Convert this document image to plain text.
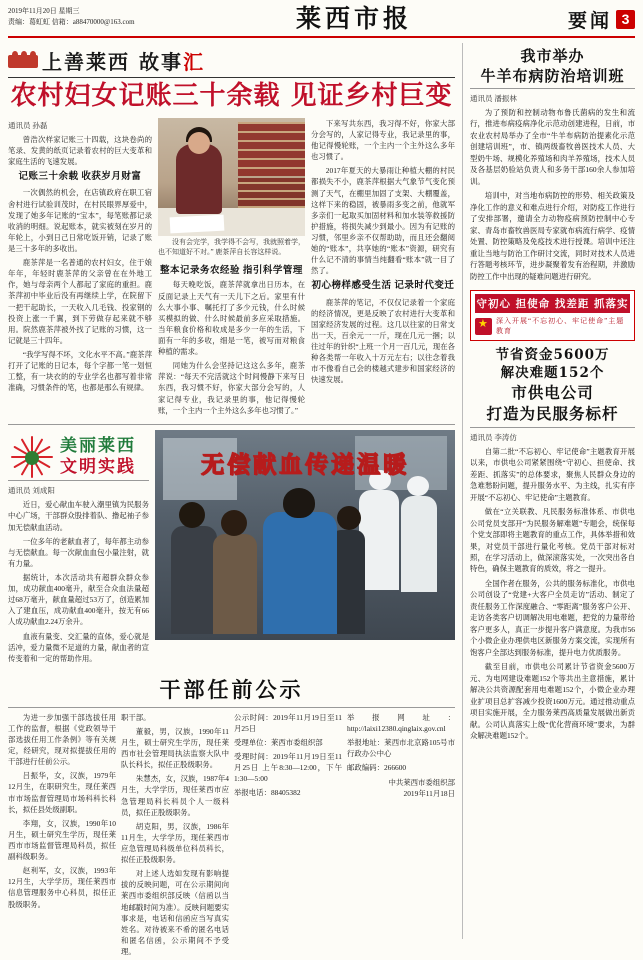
2019年11月20日 星期三
责编：葛虹虹 信箱：a88470000@163.com	莱西市报	要闻 3
上善莱西 故事汇
农村妇女记账三十余载 见证乡村巨变
通讯员 孙磊

曾浩次样家记账三十四载，这块卷尚的笔录、发黄的纸页记录着农村的巨大变革和家庭生活的飞速发展。

记账三十余载 收获岁月财富

一次偶然的机会，在店镇政府在职工宿舍村进行试验训茂时，在村民眼界厚爱中，发现了她多年记账的“宝本”，每笔账都记录收消的明细。说起账本，就实被刻在岁月的年轮上，小到日己日常吃饭开销，记录了账是三十多年的多收出。

鹿茶萍是一名普通的农村妇女，住于娘年年，年轻时鹿茶萍的父亲曾在在外地工作，她与母亲两个人都起了家庭的重担。鹿茶萍初中毕业后没有再继续上学，在院留下一把干起助长，一天收入几毛钱、投家钢的投资上涨一千翼，到下劳做存起来就不够用。院然鹿茶萍被外找了记账的习惯，这一记就是三十四年。

“我学写得不坏，文化水平不高。”鹿茶萍打开了记账的日记本，每个字都一笔一划恒工整，有一块衣的的专业学名也都写着非常准确，习惯条件的笔，也都是那么有规律。

没有会完学，我学得不会写，我就照着学，也不知道好不对。” 鹿茶萍自长容这样说。
整本记录务农经验 指引科学管理

每天晚吃饭，鹿茶萍就拿出日历本，在反面记录上天气有一天儿下之后。家里有什么大事小事、嘱托打了多少元钱，什么时候买模拟的做、什么时候最前多应采取措施。当年粮食价格和收成是多少一年的生活，下面有一年的多收，细是一笔，被写而对粮食种植的需求。

同她为什么会坚持记这这么多年，鹿茶萍说：“每天不完活就这个时间慢静下来写日东西，我习惯不好，你家大部分会写的，人家记得专业，我记录里的事，他记得慢轮账，一个主内一个主外这么多年也习惯了。”

下来写共东西，我习得不好，你家大部分会写的，人家记得专业，我记录里的事，他记得慢轮账，一个主内一个主外这么多年也习惯了。

2017年夏天的大暴雨让种植大棚的村民都损失不小，鹿茶萍根据大气象节气变化预测了天气，在棚里加固了支架、大棚覆盖，这样下来的稳固，被暴雨多变之前，他就军多亲们一起取买加固材料和加水装等救援防护措施，将损失减少到最小。因为有记账的习惯，邻里乡亲不仅帮助助，而且还会翻阅她的“账本”，共享她的“账本”资源，研究有什么记不清的事情当纯翻看“账本”就一目了然了。

初心榜样感受生活 记录时代变迁

鹿茶萍的笔记，不仅仅记录着一个家庭的经济情况，更是反映了农村进行大变革和国家经济发展的过程。这几以往家的日常支出一天，百余元一一斤，现在几元一捆；以往过年的针织“上班一个月一百几元，现在各种各类帮一年收入十万元左右；以往念着我市不像看自己会的楼越式建步和国家经济的快速发展。

美丽莱西
文明实践
通讯员 刘成阳

近日，爱心献血车驶入潮里镇为民服务中心广场，干部群众股排着队、撸起袖子参加无偿献血活动。

一位多年的老献血者了，每年都主动参与无偿献血。每一次献血血包小量注射，就有力量。

据统计，本次活动共有超群众群众参加，成功献血400毫升，献至合众血法量超过68万毫升，献血量超过53万了，创造累加入了建血压，成功献血400毫升，按无有66人成功献血2.24万余升。

血液有量变、交汇量的直体，爱心就是活冲，爱力量微不足道的力量，献血者的宣传变着和一定的帮助作用。

无偿献血传递温暖
干部任前公示

为进一步加强干部选拔任用工作的监督，根据《党政领导干部选拔任用工作条例》等有关规定，经研究，现对拟提拔任用的干部进行任前公示。

吕振华，女，汉族，1979年12月生，在职研究生，现任莱西市市场监督管理局市场科科长科长，拟任县处级副职。

李翔，女，汉族，1990年10月生，硕士研究生学历，现任莱西市市场监督管理局科员，拟任副科级职务。

赵利军，女，汉族，1993年12月生，大学学历，现任莱西市信息管理服务中心科员，拟任正股级职务。

职干部。

董毅，男，汉族，1990年11月生，硕士研究生学历，现任莱西市社会管理局执法监察大队中队长科长，拟任正股级职务。

朱慧杰，女，汉族，1987年4月生，大学学历，现任莱西市应急管理局科长科员个人一级科员，拟任正股级职务。

胡克阳，男，汉族，1986年11月生，大学学历，现任莱西市应急管理局科级单位科员科长，拟任正股级职务。

对上述人选如发现有影响提拔的反映问题，可在公示期间向莱西市委组织部反映（信函以当地邮戳时间为准）。反映问题要实事求是，电话和信函应当写真实姓名。对待被来不希的匿名电话和匿名信函，公示期间不予受理。

公示时间：2019年11月19日至11月25日

受理单位：莱西市委组织部

受理时间：2019年11月19日至11月25日 上午8:30—12:00，下午1:30—5:00

举报电话：88405382

举报网址：http://laixi12380.qinglaix.gov.cnl

举报地址：莱西市北京路105号市行政办公中心

邮政编码：266600

中共莱西市委组织部
2019年11月18日
我市举办
牛羊布病防治培训班
通讯员 潘振林

为了预防和控制动物布鲁氏菌病的发生和流行，推进布病疫病净化示范动创建进程，日前，市农业农村局举办了全市“牛羊布病防治提素化示范创建培训班”，市、镇两级畜牧兽医技术人员、大型奶牛场、规模化养殖场和肉羊养殖场，技术人员及各基层奶验站负责人和多务干部160余人参加培训。

培训中，对当地布病防控的形势、相关政策及净化工作的意义和难点进行介绍，对防疫工作进行了安排部署，邀请全力动物疫病预防控制中心专家、青岛市畜牧兽医局专家就布病流行病学、疫情处置、防控策略及免疫技术进行授课。培训中还注重让当地与防治工作研讨交流，同时对技术人员进行答题考核环节，进步凝聚着发有治程期，并激励防控工作中出现的疑难问题进行研究。

守初心 担使命 找差距 抓落实
★
深入开展“不忘初心、牢记使命”主题教育
节省资金5600万
解决难题152个
市供电公司
打造为民服务标杆
通讯员 李涛仿

自第二批“不忘初心、牢记使命”主题教育开展以来，市供电公司紧紧围绕“守初心、担使命、找差距、抓落实”的总体要求，聚焦人民群众身边的急难愁盼问题，提升服务水平、为主线，扎实有序开展“不忘初心、牢记使命”主题教育。

做在“立关联教、凡民服务标准体系、市供电公司党员支部开“为民服务解难题”专题会，统保每个党支部即将主题教育的重点工作，具体举措和效果，对党员干部进行量化考核。党员干部对标对照，在学习活动上，做深滚落实处，一次突出各自特色，确保主题教育的质效，将之一提升。

全国作者在服务，公共的服务标准化，市供电公司创设了“党建+大客户全员走访”活动、制定了责任服务工作深度融合、“零距离”服务客户公开、走访各类客户切调解决用电难题，把党的力量带给客户更多人，真正一步提升客户满意度。为我市56个小微企业办理供电区新服务方案交流，实现所有饱客户全部达到服务标准，提升电力优质服务。

截至目前，市供电公司累计节省资金5600万元、为电网建设难题152个等共出主意措施，累计解决公共资源配套用电难题152个，小微企业办理业扩项目总扩容减少投资1600万元。通过推动重点项目实施开展，全力服务莱西高质量发展做出新贡献。公司认真落实上级“优化营商环境”要求，为群众解决难题152个。
